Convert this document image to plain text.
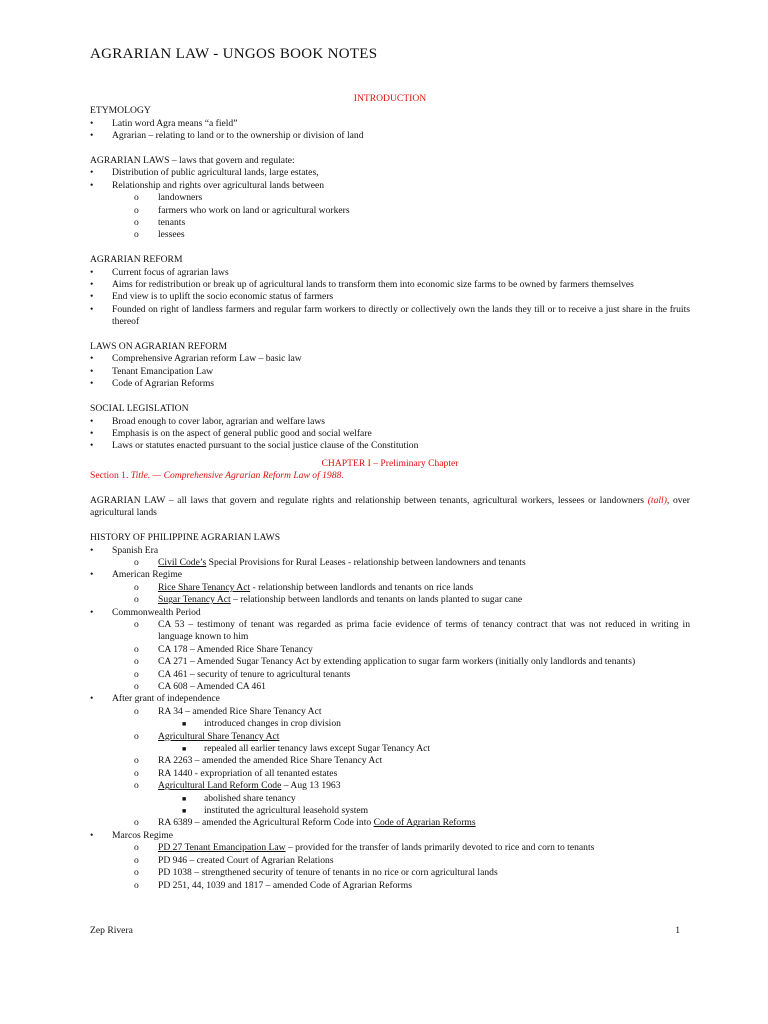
AGRARIAN LAW - UNGOS BOOK NOTES
INTRODUCTION
ETYMOLOGY
• Latin word Agra means “a field”
• Agrarian – relating to land or to the ownership or division of land
AGRARIAN LAWS – laws that govern and regulate:
• Distribution of public agricultural lands, large estates,
• Relationship and rights over agricultural lands between
o landowners
o farmers who work on land or agricultural workers
o tenants
o lessees
AGRARIAN REFORM
• Current focus of agrarian laws
• Aims for redistribution or break up of agricultural lands to transform them into economic size farms to be owned by farmers themselves
• End view is to uplift the socio economic status of farmers
• Founded on right of landless farmers and regular farm workers to directly or collectively own the lands they till or to receive a just share in the fruits thereof
LAWS ON AGRARIAN REFORM
• Comprehensive Agrarian reform Law – basic law
• Tenant Emancipation Law
• Code of Agrarian Reforms
SOCIAL LEGISLATION
• Broad enough to cover labor, agrarian and welfare laws
• Emphasis is on the aspect of general public good and social welfare
• Laws or statutes enacted pursuant to the social justice clause of the Constitution
CHAPTER I – Preliminary Chapter
Section 1. Title. — Comprehensive Agrarian Reform Law of 1988.
AGRARIAN LAW – all laws that govern and regulate rights and relationship between tenants, agricultural workers, lessees or landowners (tall), over agricultural lands
HISTORY OF PHILIPPINE AGRARIAN LAWS
• Spanish Era
o Civil Code’s Special Provisions for Rural Leases - relationship between landowners and tenants
• American Regime
o Rice Share Tenancy Act - relationship between landlords and tenants on rice lands
o Sugar Tenancy Act – relationship between landlords and tenants on lands planted to sugar cane
• Commonwealth Period
o CA 53 – testimony of tenant was regarded as prima facie evidence of terms of tenancy contract that was not reduced in writing in language known to him
o CA 178 – Amended Rice Share Tenancy
o CA 271 – Amended Sugar Tenancy Act by extending application to sugar farm workers (initially only landlords and tenants)
o CA 461 – security of tenure to agricultural tenants
o CA 608 – Amended CA 461
• After grant of independence
o RA 34 – amended Rice Share Tenancy Act
■ introduced changes in crop division
o Agricultural Share Tenancy Act
■ repealed all earlier tenancy laws except Sugar Tenancy Act
o RA 2263 – amended the amended Rice Share Tenancy Act
o RA 1440 - expropriation of all tenanted estates
o Agricultural Land Reform Code – Aug 13 1963
■ abolished share tenancy
■ instituted the agricultural leasehold system
o RA 6389 – amended the Agricultural Reform Code into Code of Agrarian Reforms
• Marcos Regime
o PD 27 Tenant Emancipation Law – provided for the transfer of lands primarily devoted to rice and corn to tenants
o PD 946 – created Court of Agrarian Relations
o PD 1038 – strengthened security of tenure of tenants in no rice or corn agricultural lands
o PD 251, 44, 1039 and 1817 – amended Code of Agrarian Reforms
Zep Rivera	1
